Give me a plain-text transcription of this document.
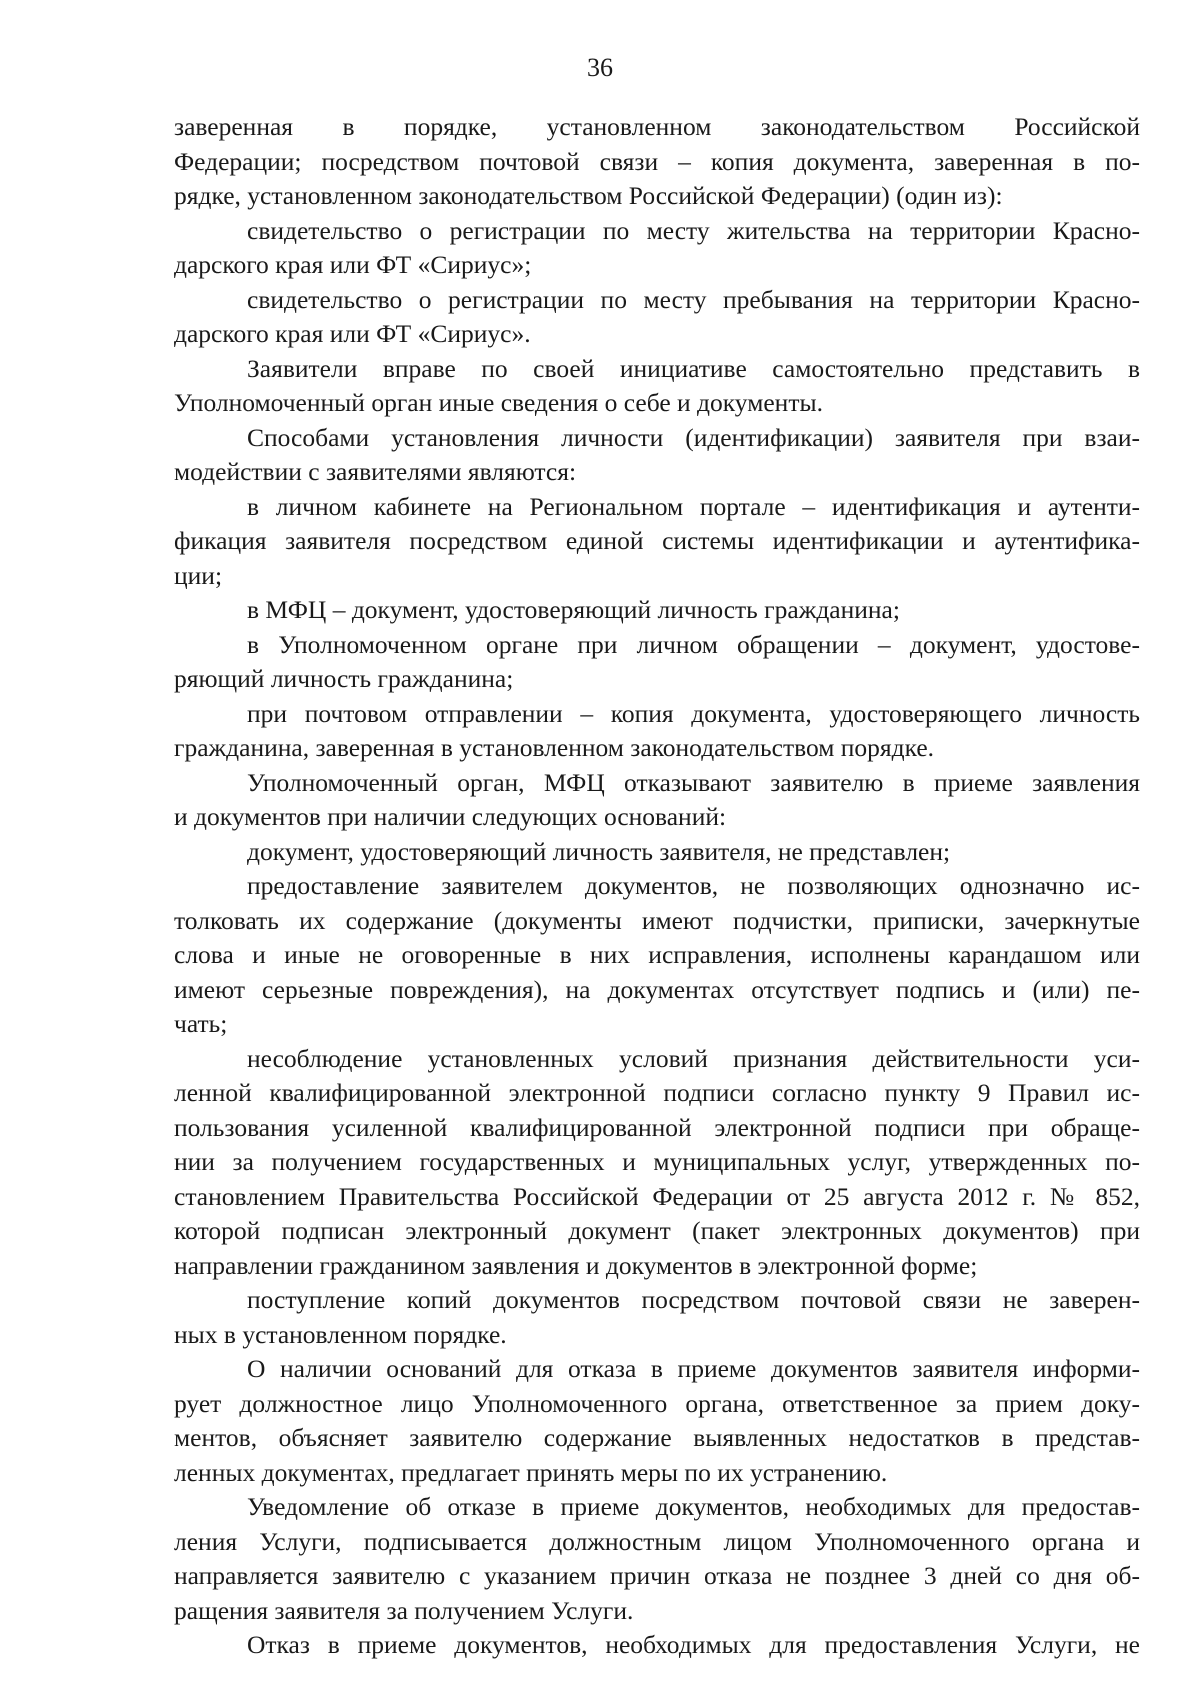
36
заверенная в порядке, установленном законодательством Российской
Федерации; посредством почтовой связи – копия документа, заверенная в по-
рядке, установленном законодательством Российской Федерации) (один из):
свидетельство о регистрации по месту жительства на территории Красно-
дарского края или ФТ «Сириус»;
свидетельство о регистрации по месту пребывания на территории Красно-
дарского края или ФТ «Сириус».
Заявители вправе по своей инициативе самостоятельно представить в
Уполномоченный орган иные сведения о себе и документы.
Способами установления личности (идентификации) заявителя при взаи-
модействии с заявителями являются:
в личном кабинете на Региональном портале – идентификация и аутенти-
фикация заявителя посредством единой системы идентификации и аутентифика-
ции;
в МФЦ – документ, удостоверяющий личность гражданина;
в Уполномоченном органе при личном обращении – документ, удостове-
ряющий личность гражданина;
при почтовом отправлении – копия документа, удостоверяющего личность
гражданина, заверенная в установленном законодательством порядке.
Уполномоченный орган, МФЦ отказывают заявителю в приеме заявления
и документов при наличии следующих оснований:
документ, удостоверяющий личность заявителя, не представлен;
предоставление заявителем документов, не позволяющих однозначно ис-
толковать их содержание (документы имеют подчистки, приписки, зачеркнутые
слова и иные не оговоренные в них исправления, исполнены карандашом или
имеют серьезные повреждения), на документах отсутствует подпись и (или) пе-
чать;
несоблюдение установленных условий признания действительности уси-
ленной квалифицированной электронной подписи согласно пункту 9 Правил ис-
пользования усиленной квалифицированной электронной подписи при обраще-
нии за получением государственных и муниципальных услуг, утвержденных по-
становлением Правительства Российской Федерации от 25 августа 2012 г. № 852,
которой подписан электронный документ (пакет электронных документов) при
направлении гражданином заявления и документов в электронной форме;
поступление копий документов посредством почтовой связи не заверен-
ных в установленном порядке.
О наличии оснований для отказа в приеме документов заявителя информи-
рует должностное лицо Уполномоченного органа, ответственное за прием доку-
ментов, объясняет заявителю содержание выявленных недостатков в представ-
ленных документах, предлагает принять меры по их устранению.
Уведомление об отказе в приеме документов, необходимых для предостав-
ления Услуги, подписывается должностным лицом Уполномоченного органа и
направляется заявителю с указанием причин отказа не позднее 3 дней со дня об-
ращения заявителя за получением Услуги.
Отказ в приеме документов, необходимых для предоставления Услуги, не
